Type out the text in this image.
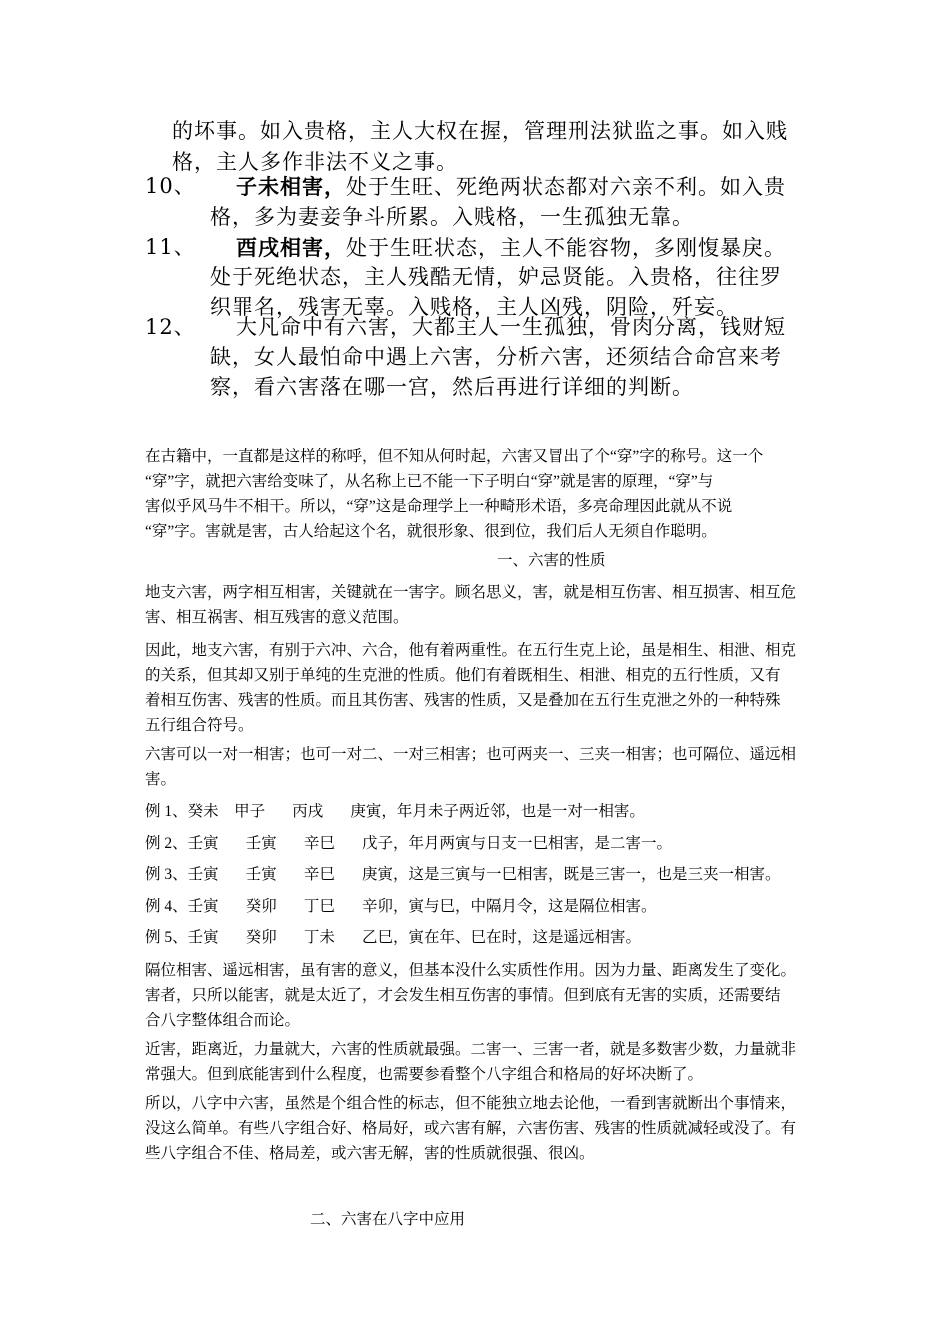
的坏事。如入贵格，主人大权在握，管理刑法狱监之事。如入贱
格，主人多作非法不义之事。
10、 子未相害，处于生旺、死绝两状态都对六亲不利。如入贵
格，多为妻妾争斗所累。入贱格，一生孤独无靠。
11、 酉戌相害，处于生旺状态，主人不能容物，多刚愎暴戾。
处于死绝状态，主人残酷无情，妒忌贤能。入贵格，往往罗
织罪名，残害无辜。入贱格，主人凶残，阴险，歼妄。
12、 大凡命中有六害，大都主人一生孤独，骨肉分离，钱财短
缺，女人最怕命中遇上六害，分析六害，还须结合命宫来考
察，看六害落在哪一宫，然后再进行详细的判断。
在古籍中，一直都是这样的称呼，但不知从何时起，六害又冒出了个“穿”字的称号。这一个
“穿”字，就把六害给变味了，从名称上已不能一下子明白“穿”就是害的原理，“穿”与
害似乎风马牛不相干。所以，“穿”这是命理学上一种畸形术语，多亮命理因此就从不说
“穿”字。害就是害，古人给起这个名，就很形象、很到位，我们后人无须自作聪明。
一、六害的性质
地支六害，两字相互相害，关键就在一害字。顾名思义，害，就是相互伤害、相互损害、相互危
害、相互祸害、相互残害的意义范围。
因此，地支六害，有别于六冲、六合，他有着两重性。在五行生克上论，虽是相生、相泄、相克
的关系，但其却又别于单纯的生克泄的性质。他们有着既相生、相泄、相克的五行性质，又有
着相互伤害、残害的性质。而且其伤害、残害的性质，又是叠加在五行生克泄之外的一种特殊
五行组合符号。
六害可以一对一相害；也可一对二、一对三相害；也可两夹一、三夹一相害；也可隔位、遥远相
害。
例 1、癸未    甲子       丙戌       庚寅，年月未子两近邻，也是一对一相害。
例 2、壬寅       壬寅       辛巳       戊子，年月两寅与日支一巳相害，是二害一。
例 3、壬寅       壬寅       辛巳       庚寅，这是三寅与一巳相害，既是三害一，也是三夹一相害。
例 4、壬寅       癸卯       丁巳       辛卯，寅与巳，中隔月令，这是隔位相害。
例 5、壬寅       癸卯       丁未       乙巳，寅在年、巳在时，这是遥远相害。
隔位相害、遥远相害，虽有害的意义，但基本没什么实质性作用。因为力量、距离发生了变化。
害者，只所以能害，就是太近了，才会发生相互伤害的事情。但到底有无害的实质，还需要结
合八字整体组合而论。
近害，距离近，力量就大，六害的性质就最强。二害一、三害一者，就是多数害少数，力量就非
常强大。但到底能害到什么程度，也需要参看整个八字组合和格局的好坏决断了。
所以，八字中六害，虽然是个组合性的标志，但不能独立地去论他，一看到害就断出个事情来，
没这么简单。有些八字组合好、格局好，或六害有解，六害伤害、残害的性质就减轻或没了。有
些八字组合不佳、格局差，或六害无解，害的性质就很强、很凶。
二、六害在八字中应用
